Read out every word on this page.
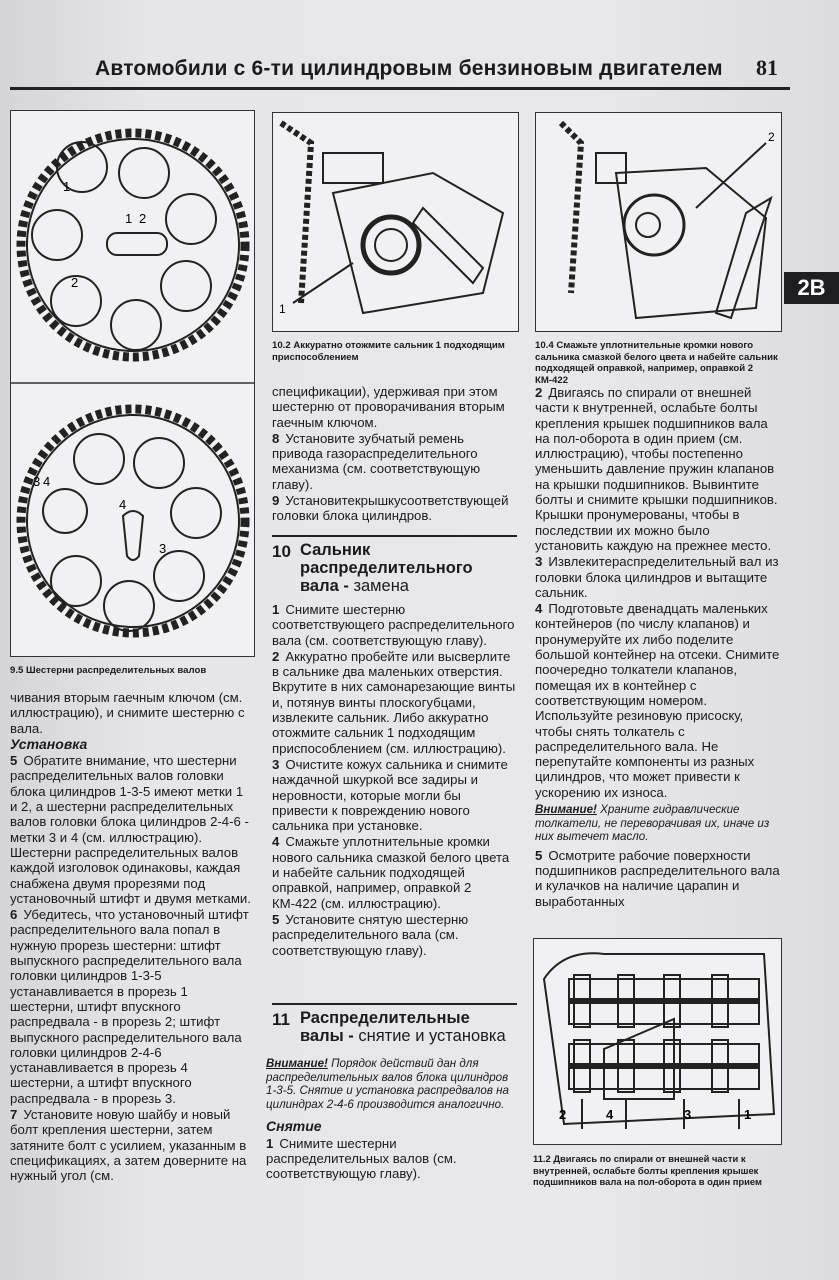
Автомобили с 6-ти цилиндровым бензиновым двигателем 81
2B
1
2
1 2
3 4
4
3
9.5 Шестерни распределительных валов
1
10.2 Аккуратно отожмите сальник 1 подходящим приспособлением
2
10.4 Смажьте уплотнительные кромки нового сальника смазкой белого цвета и набейте сальник подходящей оправкой, например, оправкой 2 КМ-422

чивания вторым гаечным ключом (см. иллюстрацию), и снимите шестерню с вала.

Установка

5 Обратите внимание, что шестерни распределительных валов головки блока цилиндров 1-3-5 имеют метки 1 и 2, а шестерни распределительных валов головки блока цилиндров 2-4-6 - метки 3 и 4 (см. иллюстрацию). Шестерни распределительных валов каждой изголовок одинаковы, каждая снабжена двумя прорезями под установочный штифт и двумя метками.

6 Убедитесь, что установочный штифт распределительного вала попал в нужную прорезь шестерни: штифт выпускного распределительного вала головки цилиндров 1-3-5 устанавливается в прорезь 1 шестерни, штифт впускного распредвала - в прорезь 2; штифт выпускного распределительного вала головки цилиндров 2-4-6 устанавливается в прорезь 4 шестерни, а штифт впускного распредвала - в прорезь 3.

7 Установите новую шайбу и новый болт крепления шестерни, затем затяните болт с усилием, указанным в спецификациях, а затем доверните на нужный угол (см.

спецификации), удерживая при этом шестерню от проворачивания вторым гаечным ключом.

8 Установите зубчатый ремень привода газораспределительного механизма (см. соответствующую главу).

9 Установитекрышкусоответствующей головки блока цилиндров.

10 Сальник распределительного вала - замена

1 Снимите шестерню соответствующего распределительного вала (см. соответствующую главу).

2 Аккуратно пробейте или высверлите в сальнике два маленьких отверстия. Вкрутите в них самонарезающие винты и, потянув винты плоскогубцами, извлеките сальник. Либо аккуратно отожмите сальник 1 подходящим приспособлением (см. иллюстрацию).

3 Очистите кожух сальника и снимите наждачной шкуркой все задиры и неровности, которые могли бы привести к повреждению нового сальника при установке.

4 Смажьте уплотнительные кромки нового сальника смазкой белого цвета и набейте сальник подходящей оправкой, например, оправкой 2 КМ-422 (см. иллюстрацию).

5 Установите снятую шестерню распределительного вала (см. соответствующую главу).

11 Распределительные валы - снятие и установка

Внимание! Порядок действий дан для распределительных валов блока цилиндров 1-3-5. Снятие и установка распредвалов на цилиндрах 2-4-6 производится аналогично.

Снятие

1 Снимите шестерни распределительных валов (см. соответствующую главу).

2 Двигаясь по спирали от внешней части к внутренней, ослабьте болты крепления крышек подшипников вала на пол-оборота в один прием (см. иллюстрацию), чтобы постепенно уменьшить давление пружин клапанов на крышки подшипников. Вывинтите болты и снимите крышки подшипников. Крышки пронумерованы, чтобы в последствии их можно было установить каждую на прежнее место.

3 Извлекитераспределительный вал из головки блока цилиндров и вытащите сальник.

4 Подготовьте двенадцать маленьких контейнеров (по числу клапанов) и пронумеруйте их либо поделите большой контейнер на отсеки. Снимите поочередно толкатели клапанов, помещая их в контейнер с соответствующим номером. Используйте резиновую присоску, чтобы снять толкатель с распределительного вала. Не перепутайте компоненты из разных цилиндров, что может привести к ускорению их износа.

Внимание! Храните гидравлические толкатели, не переворачивая их, иначе из них вытечет масло.

5 Осмотрите рабочие поверхности подшипников распределительного вала и кулачков на наличие царапин и выработанных

2	4	3	1
11.2 Двигаясь по спирали от внешней части к внутренней, ослабьте болты крепления крышек подшипников вала на пол-оборота в один прием
